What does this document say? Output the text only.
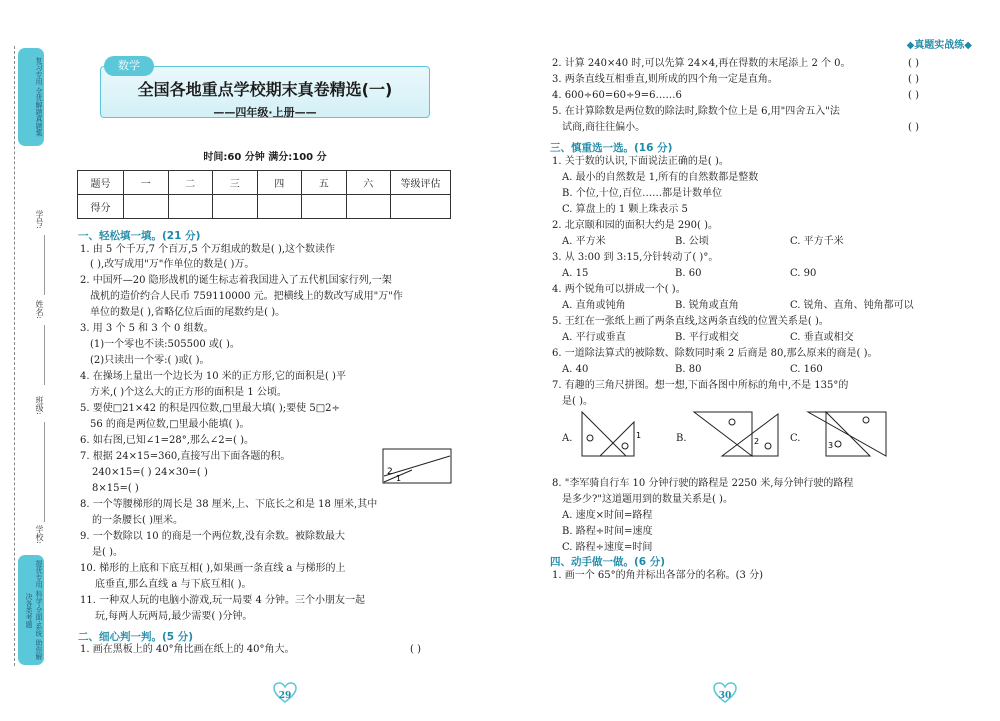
复习专用 全优解题真题集
学号:
姓名:
班级:
学校:
提优专用 科学·全面·系统 助你解决各类考题
数学
全国各地重点学校期末真卷精选(一)
——四年级·上册——
时间:60 分钟 满分:100 分
题号	一	二	三	四	五	六	等级评估
得分							
一、轻松填一填。(21 分)
1. 由 5 个千万,7 个百万,5 个万组成的数是( ),这个数读作
( ),改写成用"万"作单位的数是( )万。
2. 中国歼—20 隐形战机的诞生标志着我国进入了五代机国家行列,一架
战机的造价约合人民币 759110000 元。把横线上的数改写成用"万"作
单位的数是( ),省略亿位后面的尾数约是( )。
3. 用 3 个 5 和 3 个 0 组数。
(1)一个零也不读:505500 或( )。
(2)只读出一个零:( )或( )。
4. 在操场上量出一个边长为 10 米的正方形,它的面积是( )平
方米,( )个这么大的正方形的面积是 1 公顷。
5. 要使□21×42 的积是四位数,□里最大填( );要使 5□2÷
56 的商是两位数,□里最小能填( )。
6. 如右图,已知∠1=28°,那么∠2=( )。
7. 根据 24×15=360,直接写出下面各题的积。
240×15=( ) 24×30=( )
8×15=( )
8. 一个等腰梯形的周长是 38 厘米,上、下底长之和是 18 厘米,其中
的一条腰长( )厘米。
9. 一个数除以 10 的商是一个两位数,没有余数。被除数最大
是( )。
10. 梯形的上底和下底互相( ),如果画一条直线 a 与梯形的上
底垂直,那么直线 a 与下底互相( )。
11. 一种双人玩的电脑小游戏,玩一局要 4 分钟。三个小朋友一起
玩,每两人玩两局,最少需要( )分钟。
2
1
二、细心判一判。(5 分)
1. 画在黑板上的 40°角比画在纸上的 40°角大。	( )
29
◆真题实战练◆
2. 计算 240×40 时,可以先算 24×4,再在得数的末尾添上 2 个 0。	( )
3. 两条直线互相垂直,则所成的四个角一定是直角。	( )
4. 600÷60=60÷9=6……6	( )
5. 在计算除数是两位数的除法时,除数个位上是 6,用"四舍五入"法
试商,商往往偏小。	( )
三、慎重选一选。(16 分)
1. 关于数的认识,下面说法正确的是( )。
A. 最小的自然数是 1,所有的自然数都是整数
B. 个位,十位,百位……都是计数单位
C. 算盘上的 1 颗上珠表示 5
2. 北京颐和园的面积大约是 290( )。
3. 从 3:00 到 3:15,分针转动了( )°。
4. 两个锐角可以拼成一个( )。
5. 王红在一张纸上画了两条直线,这两条直线的位置关系是( )。
6. 一道除法算式的被除数、除数同时乘 2 后商是 80,那么原来的商是( )。
7. 有趣的三角尺拼图。想一想,下面各图中所标的角中,不是 135°的
是( )。
A. 平方米	B. 公顷	C. 平方千米
A. 15	B. 60	C. 90
A. 直角或钝角	B. 锐角或直角	C. 锐角、直角、钝角都可以
A. 平行或垂直	B. 平行或相交	C. 垂直或相交
A. 40	B. 80	C. 160
A.	1	B.	2	C.
3
8. "李军骑自行车 10 分钟行驶的路程是 2250 米,每分钟行驶的路程
是多少?"这道题用到的数量关系是( )。
A. 速度×时间=路程
B. 路程÷时间=速度
C. 路程÷速度=时间
四、动手做一做。(6 分)
1. 画一个 65°的角并标出各部分的名称。(3 分)
30
